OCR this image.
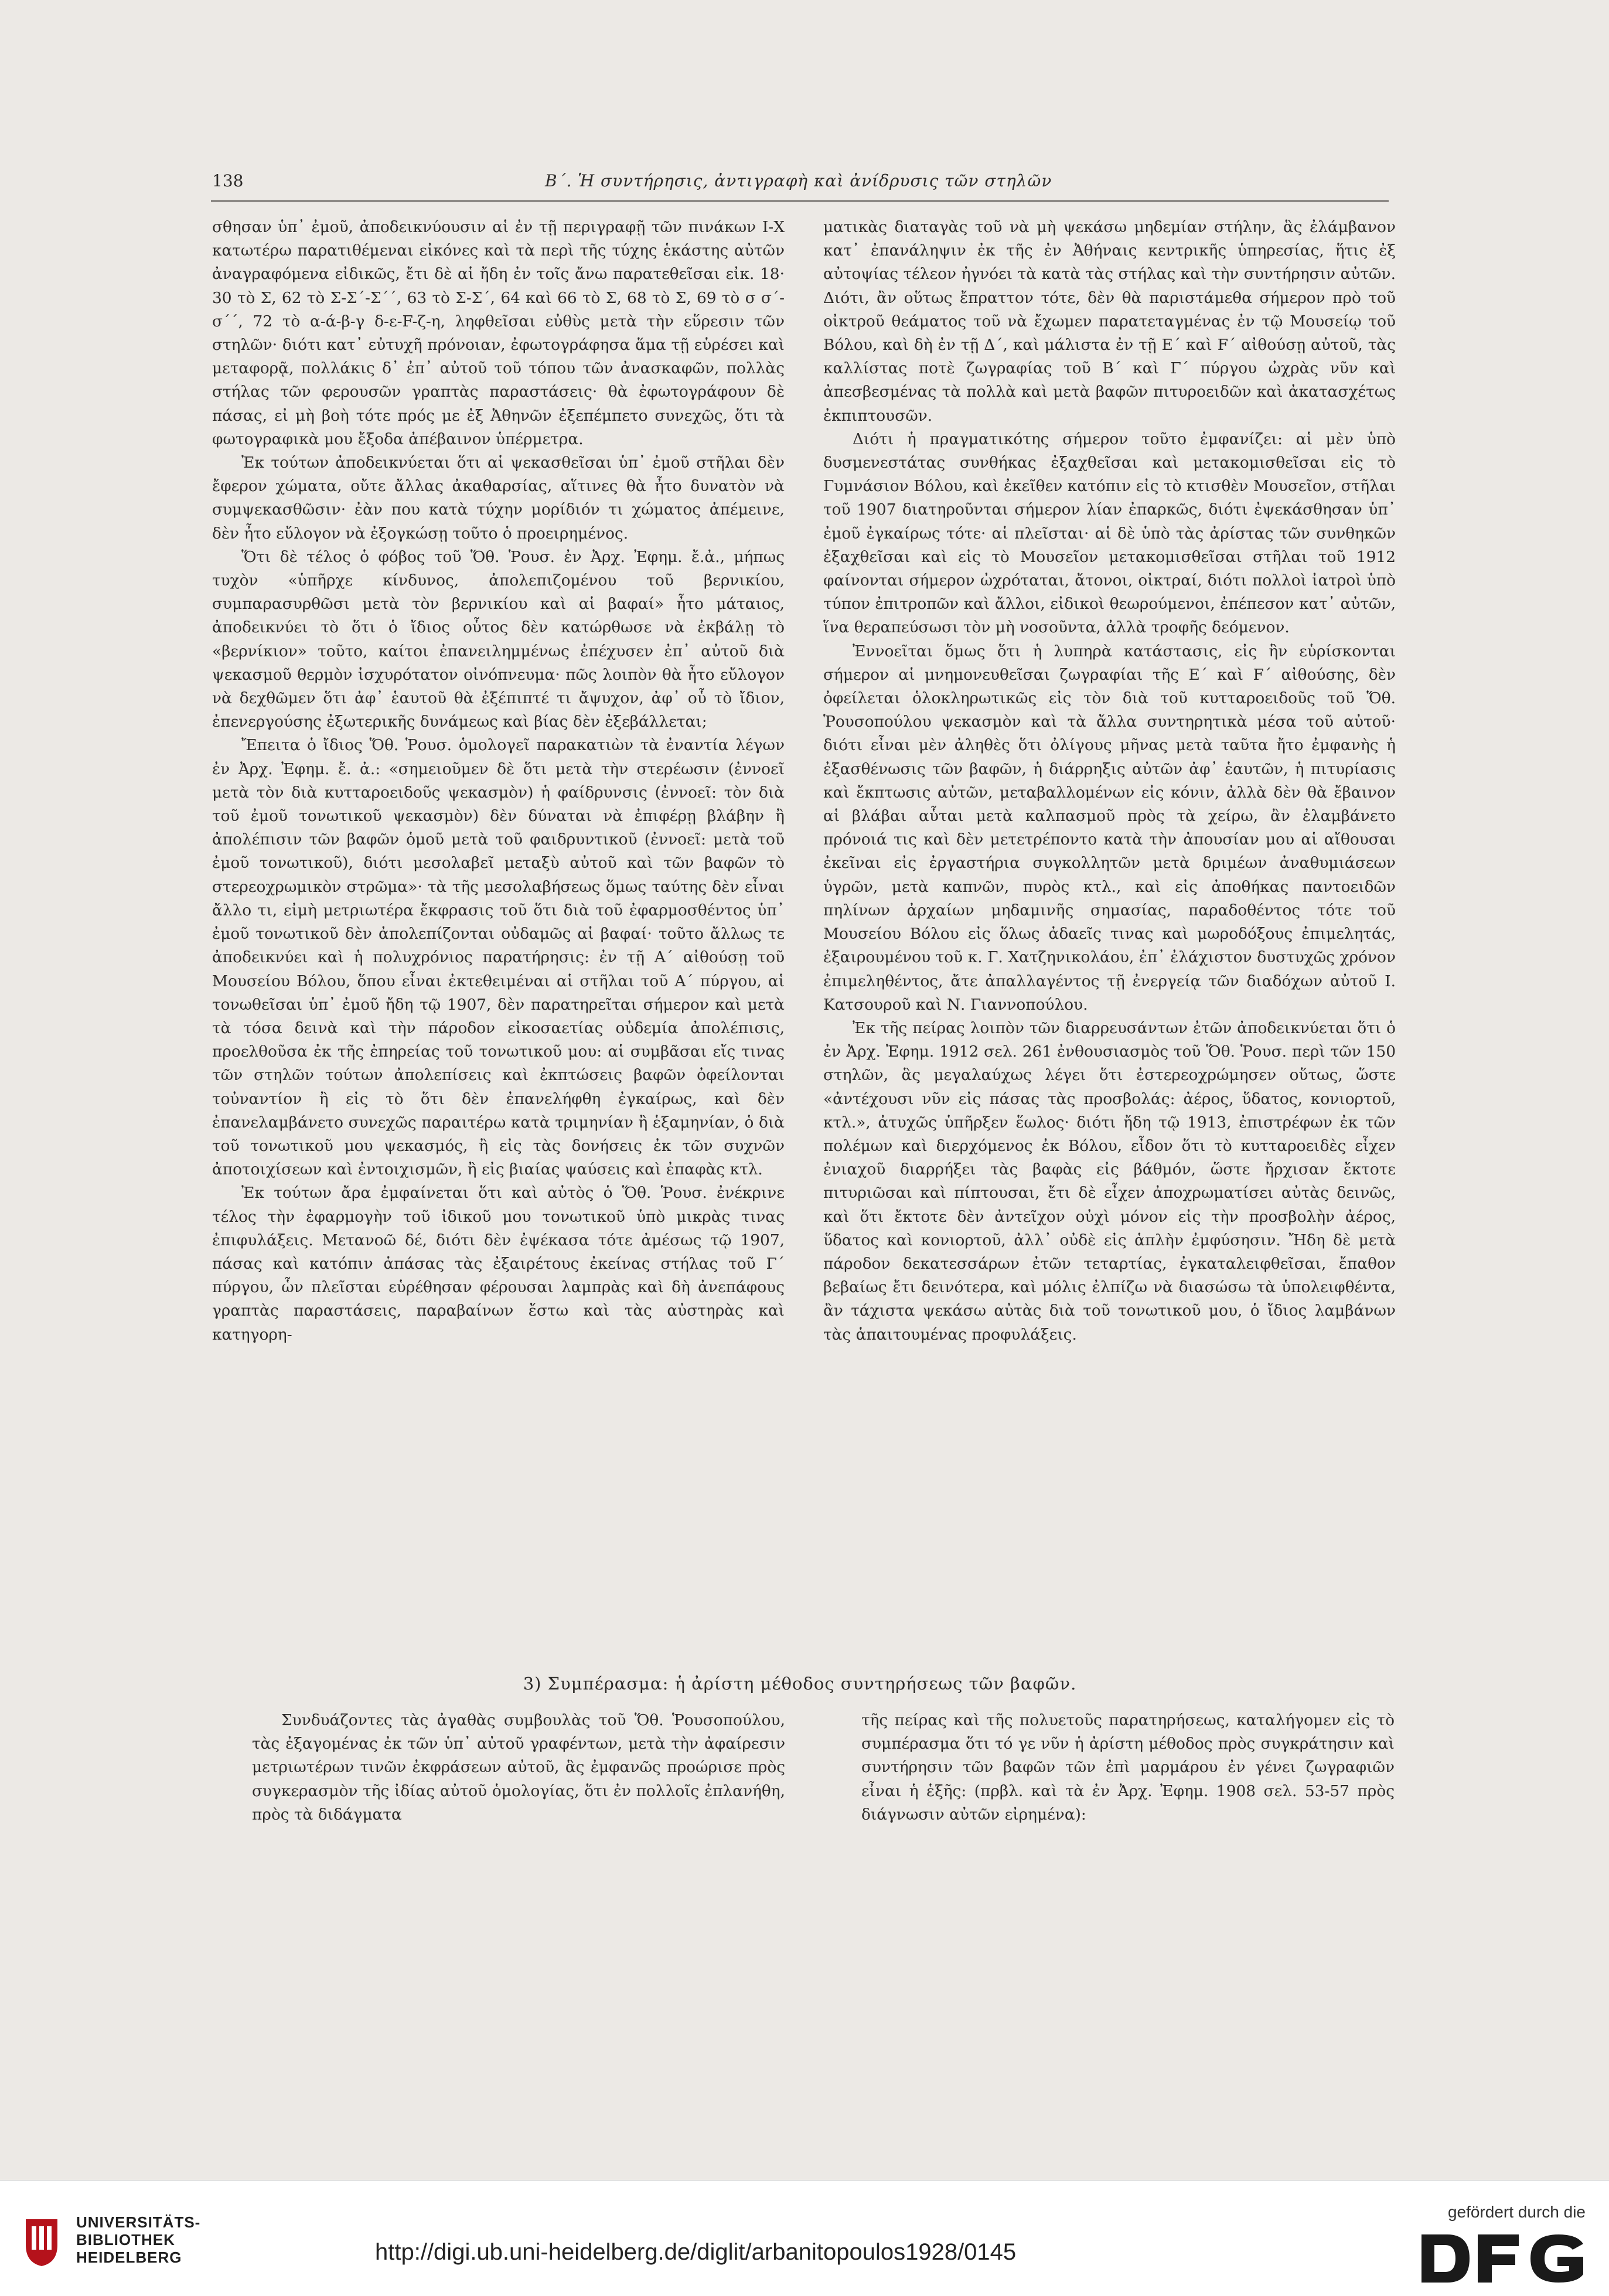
138	Β΄. Ἡ συντήρησις, ἀντιγραφὴ καὶ ἀνίδρυσις τῶν στηλῶν

σθησαν ὑπ᾽ ἐμοῦ, ἀποδεικνύουσιν αἱ ἐν τῇ περιγραφῇ τῶν πινάκων Ι-Χ κατωτέρω παρατιθέμεναι εἰκόνες καὶ τὰ περὶ τῆς τύχης ἑκάστης αὐτῶν ἀναγραφόμενα εἰδικῶς, ἔτι δὲ αἱ ἤδη ἐν τοῖς ἄνω παρατεθεῖσαι εἰκ. 18· 30 τὸ Σ, 62 τὸ Σ-Σ΄-Σ΄΄, 63 τὸ Σ-Σ΄, 64 καὶ 66 τὸ Σ, 68 τὸ Σ, 69 τὸ σ σ΄-σ΄΄, 72 τὸ α-ά-β-γ δ-ε-F-ζ-η, ληφθεῖσαι εὐθὺς μετὰ τὴν εὕρεσιν τῶν στηλῶν· διότι κατ᾽ εὐτυχῆ πρόνοιαν, ἐφωτογράφησα ἅμα τῇ εὑρέσει καὶ μεταφορᾷ, πολλάκις δ᾽ ἐπ᾽ αὐτοῦ τοῦ τόπου τῶν ἀνασκαφῶν, πολλὰς στήλας τῶν φερουσῶν γραπτὰς παραστάσεις· θὰ ἐφωτογράφουν δὲ πάσας, εἰ μὴ βοὴ τότε πρός με ἐξ Ἀθηνῶν ἐξεπέμπετο συνεχῶς, ὅτι τὰ φωτογραφικὰ μου ἔξοδα ἀπέβαινον ὑπέρμετρα.

Ἐκ τούτων ἀποδεικνύεται ὅτι αἱ ψεκασθεῖσαι ὑπ᾽ ἐμοῦ στῆλαι δὲν ἔφερον χώματα, οὔτε ἄλλας ἀκαθαρσίας, αἵτινες θὰ ἦτο δυνατὸν νὰ συμψεκασθῶσιν· ἐὰν που κατὰ τύχην μορίδιόν τι χώματος ἀπέμεινε, δὲν ἦτο εὔλογον νὰ ἐξογκώσῃ τοῦτο ὁ προειρημένος.

Ὅτι δὲ τέλος ὁ φόβος τοῦ Ὅθ. Ῥουσ. ἐν Ἀρχ. Ἐφημ. ἔ.ἀ., μήπως τυχὸν «ὑπῆρχε κίνδυνος, ἀπολεπιζομένου τοῦ βερνικίου, συμπαρασυρθῶσι μετὰ τὸν βερνικίου καὶ αἱ βαφαί» ἦτο μάταιος, ἀποδεικνύει τὸ ὅτι ὁ ἴδιος οὗτος δὲν κατώρθωσε νὰ ἐκβάλῃ τὸ «βερνίκιον» τοῦτο, καίτοι ἐπανειλημμένως ἐπέχυσεν ἐπ᾽ αὐτοῦ διὰ ψεκασμοῦ θερμὸν ἰσχυρότατον οἰνόπνευμα· πῶς λοιπὸν θὰ ἦτο εὔλογον νὰ δεχθῶμεν ὅτι ἀφ᾽ ἑαυτοῦ θὰ ἐξέπιπτέ τι ἄψυχον, ἀφ᾽ οὗ τὸ ἴδιον, ἐπενεργούσης ἐξωτερικῆς δυνάμεως καὶ βίας δὲν ἐξεβάλλεται;

Ἔπειτα ὁ ἴδιος Ὅθ. Ῥουσ. ὁμολογεῖ παρακατιὼν τὰ ἐναντία λέγων ἐν Ἀρχ. Ἐφημ. ἔ. ἀ.: «σημειοῦμεν δὲ ὅτι μετὰ τὴν στερέωσιν (ἐννοεῖ μετὰ τὸν διὰ κυτταροειδοῦς ψεκασμὸν) ἡ φαίδρυνσις (ἐννοεῖ: τὸν διὰ τοῦ ἐμοῦ τονωτικοῦ ψεκασμὸν) δὲν δύναται νὰ ἐπιφέρῃ βλάβην ἢ ἀπολέπισιν τῶν βαφῶν ὁμοῦ μετὰ τοῦ φαιδρυντικοῦ (ἐννοεῖ: μετὰ τοῦ ἐμοῦ τονωτικοῦ), διότι μεσολαβεῖ μεταξὺ αὐτοῦ καὶ τῶν βαφῶν τὸ στερεοχρωμικὸν στρῶμα»· τὰ τῆς μεσολαβήσεως ὅμως ταύτης δὲν εἶναι ἄλλο τι, εἰμὴ μετριωτέρα ἔκφρασις τοῦ ὅτι διὰ τοῦ ἐφαρμοσθέντος ὑπ᾽ ἐμοῦ τονωτικοῦ δὲν ἀπολεπίζονται οὐδαμῶς αἱ βαφαί· τοῦτο ἄλλως τε ἀποδεικνύει καὶ ἡ πολυχρόνιος παρατήρησις: ἐν τῇ Α΄ αἰθούσῃ τοῦ Μουσείου Βόλου, ὅπου εἶναι ἐκτεθειμέναι αἱ στῆλαι τοῦ Α΄ πύργου, αἱ τονωθεῖσαι ὑπ᾽ ἐμοῦ ἤδη τῷ 1907, δὲν παρατηρεῖται σήμερον καὶ μετὰ τὰ τόσα δεινὰ καὶ τὴν πάροδον εἰκοσαετίας οὐδεμία ἀπολέπισις, προελθοῦσα ἐκ τῆς ἐπηρείας τοῦ τονωτικοῦ μου: αἱ συμβᾶσαι εἴς τινας τῶν στηλῶν τούτων ἀπολεπίσεις καὶ ἐκπτώσεις βαφῶν ὀφείλονται τοὐναντίον ἢ εἰς τὸ ὅτι δὲν ἐπανελήφθη ἐγκαίρως, καὶ δὲν ἐπανελαμβάνετο συνεχῶς παραιτέρω κατὰ τριμηνίαν ἢ ἑξαμηνίαν, ὁ διὰ τοῦ τονωτικοῦ μου ψεκασμός, ἢ εἰς τὰς δονήσεις ἐκ τῶν συχνῶν ἀποτοιχίσεων καὶ ἐντοιχισμῶν, ἢ εἰς βιαίας ψαύσεις καὶ ἐπαφὰς κτλ.

Ἐκ τούτων ἄρα ἐμφαίνεται ὅτι καὶ αὐτὸς ὁ Ὅθ. Ῥουσ. ἐνέκρινε τέλος τὴν ἐφαρμογὴν τοῦ ἰδικοῦ μου τονωτικοῦ ὑπὸ μικρὰς τινας ἐπιφυλάξεις. Μετανοῶ δέ, διότι δὲν ἐψέκασα τότε ἀμέσως τῷ 1907, πάσας καὶ κατόπιν ἁπάσας τὰς ἐξαιρέτους ἐκείνας στήλας τοῦ Γ΄ πύργου, ὧν πλεῖσται εὑρέθησαν φέρουσαι λαμπρὰς καὶ δὴ ἀνεπάφους γραπτὰς παραστάσεις, παραβαίνων ἔστω καὶ τὰς αὐστηρὰς καὶ κατηγορη-

ματικὰς διαταγὰς τοῦ νὰ μὴ ψεκάσω μηδεμίαν στήλην, ἃς ἐλάμβανον κατ᾽ ἐπανάληψιν ἐκ τῆς ἐν Ἀθήναις κεντρικῆς ὑπηρεσίας, ἥτις ἐξ αὐτοψίας τέλεον ἠγνόει τὰ κατὰ τὰς στήλας καὶ τὴν συντήρησιν αὐτῶν. Διότι, ἂν οὕτως ἔπραττον τότε, δὲν θὰ παριστάμεθα σήμερον πρὸ τοῦ οἰκτροῦ θεάματος τοῦ νὰ ἔχωμεν παρατεταγμένας ἐν τῷ Μουσείῳ τοῦ Βόλου, καὶ δὴ ἐν τῇ Δ΄, καὶ μάλιστα ἐν τῇ Ε΄ καὶ F΄ αἰθούσῃ αὐτοῦ, τὰς καλλίστας ποτὲ ζωγραφίας τοῦ Β΄ καὶ Γ΄ πύργου ὠχρὰς νῦν καὶ ἀπεσβεσμένας τὰ πολλὰ καὶ μετὰ βαφῶν πιτυροειδῶν καὶ ἀκατασχέτως ἐκπιπτουσῶν.

Διότι ἡ πραγματικότης σήμερον τοῦτο ἐμφανίζει: αἱ μὲν ὑπὸ δυσμενεστάτας συνθήκας ἐξαχθεῖσαι καὶ μετακομισθεῖσαι εἰς τὸ Γυμνάσιον Βόλου, καὶ ἐκεῖθεν κατόπιν εἰς τὸ κτισθὲν Μουσεῖον, στῆλαι τοῦ 1907 διατηροῦνται σήμερον λίαν ἐπαρκῶς, διότι ἐψεκάσθησαν ὑπ᾽ ἐμοῦ ἐγκαίρως τότε· αἱ πλεῖσται· αἱ δὲ ὑπὸ τὰς ἀρίστας τῶν συνθηκῶν ἐξαχθεῖσαι καὶ εἰς τὸ Μουσεῖον μετακομισθεῖσαι στῆλαι τοῦ 1912 φαίνονται σήμερον ὠχρόταται, ἄτονοι, οἰκτραί, διότι πολλοὶ ἰατροὶ ὑπὸ τύπον ἐπιτροπῶν καὶ ἄλλοι, εἰδικοὶ θεωρούμενοι, ἐπέπεσον κατ᾽ αὐτῶν, ἵνα θεραπεύσωσι τὸν μὴ νοσοῦντα, ἀλλὰ τροφῆς δεόμενον.

Ἐννοεῖται ὅμως ὅτι ἡ λυπηρὰ κατάστασις, εἰς ἣν εὑρίσκονται σήμερον αἱ μνημονευθεῖσαι ζωγραφίαι τῆς Ε΄ καὶ F΄ αἰθούσης, δὲν ὀφείλεται ὁλοκληρωτικῶς εἰς τὸν διὰ τοῦ κυτταροειδοῦς τοῦ Ὅθ. Ῥουσοπούλου ψεκασμὸν καὶ τὰ ἄλλα συντηρητικὰ μέσα τοῦ αὐτοῦ· διότι εἶναι μὲν ἀληθὲς ὅτι ὀλίγους μῆνας μετὰ ταῦτα ἤτο ἐμφανὴς ἡ ἐξασθένωσις τῶν βαφῶν, ἡ διάρρηξις αὐτῶν ἀφ᾽ ἑαυτῶν, ἡ πιτυρίασις καὶ ἔκπτωσις αὐτῶν, μεταβαλλομένων εἰς κόνιν, ἀλλὰ δὲν θὰ ἔβαινον αἱ βλάβαι αὗται μετὰ καλπασμοῦ πρὸς τὰ χείρω, ἂν ἐλαμβάνετο πρόνοιά τις καὶ δὲν μετετρέποντο κατὰ τὴν ἀπουσίαν μου αἱ αἴθουσαι ἐκεῖναι εἰς ἐργαστήρια συγκολλητῶν μετὰ δριμέων ἀναθυμιάσεων ὑγρῶν, μετὰ καπνῶν, πυρὸς κτλ., καὶ εἰς ἀποθήκας παντοειδῶν πηλίνων ἀρχαίων μηδαμινῆς σημασίας, παραδοθέντος τότε τοῦ Μουσείου Βόλου εἰς ὅλως ἀδαεῖς τινας καὶ μωροδόξους ἐπιμελητάς, ἐξαιρουμένου τοῦ κ. Γ. Χατζηνικολάου, ἐπ᾽ ἐλάχιστον δυστυχῶς χρόνον ἐπιμεληθέντος, ἄτε ἀπαλλαγέντος τῇ ἐνεργείᾳ τῶν διαδόχων αὐτοῦ Ι. Κατσουροῦ καὶ Ν. Γιαννοπούλου.

Ἐκ τῆς πείρας λοιπὸν τῶν διαρρευσάντων ἐτῶν ἀποδεικνύεται ὅτι ὁ ἐν Ἀρχ. Ἐφημ. 1912 σελ. 261 ἐνθουσιασμὸς τοῦ Ὅθ. Ῥουσ. περὶ τῶν 150 στηλῶν, ἃς μεγαλαύχως λέγει ὅτι ἐστερεοχρώμησεν οὕτως, ὥστε «ἀντέχουσι νῦν εἰς πάσας τὰς προσβολάς: ἀέρος, ὕδατος, κονιορτοῦ, κτλ.», ἀτυχῶς ὑπῆρξεν ἕωλος· διότι ἤδη τῷ 1913, ἐπιστρέφων ἐκ τῶν πολέμων καὶ διερχόμενος ἐκ Βόλου, εἶδον ὅτι τὸ κυτταροειδὲς εἶχεν ἐνιαχοῦ διαρρήξει τὰς βαφὰς εἰς βάθμόν, ὥστε ἤρχισαν ἔκτοτε πιτυριῶσαι καὶ πίπτουσαι, ἔτι δὲ εἶχεν ἀποχρωματίσει αὐτὰς δεινῶς, καὶ ὅτι ἔκτοτε δὲν ἀντεῖχον οὐχὶ μόνον εἰς τὴν προσβολὴν ἀέρος, ὕδατος καὶ κονιορτοῦ, ἀλλ᾽ οὐδὲ εἰς ἁπλὴν ἐμφύσησιν. Ἤδη δὲ μετὰ πάροδον δεκατεσσάρων ἐτῶν τεταρτίας, ἐγκαταλειφθεῖσαι, ἔπαθον βεβαίως ἔτι δεινότερα, καὶ μόλις ἐλπίζω νὰ διασώσω τὰ ὑπολειφθέντα, ἂν τάχιστα ψεκάσω αὐτὰς διὰ τοῦ τονωτικοῦ μου, ὁ ἴδιος λαμβάνων τὰς ἁπαιτουμένας προφυλάξεις.

3) Συμπέρασμα: ἡ ἀρίστη μέθοδος συντηρήσεως τῶν βαφῶν.

Συνδυάζοντες τὰς ἀγαθὰς συμβουλὰς τοῦ Ὅθ. Ῥουσοπούλου, τὰς ἐξαγομένας ἐκ τῶν ὑπ᾽ αὐτοῦ γραφέντων, μετὰ τὴν ἀφαίρεσιν μετριωτέρων τινῶν ἐκφράσεων αὐτοῦ, ἃς ἐμφανῶς προώρισε πρὸς συγκερασμὸν τῆς ἰδίας αὐτοῦ ὁμολογίας, ὅτι ἐν πολλοῖς ἐπλανήθη, πρὸς τὰ διδάγματα

τῆς πείρας καὶ τῆς πολυετοῦς παρατηρήσεως, καταλήγομεν εἰς τὸ συμπέρασμα ὅτι τό γε νῦν ἡ ἀρίστη μέθοδος πρὸς συγκράτησιν καὶ συντήρησιν τῶν βαφῶν τῶν ἐπὶ μαρμάρου ἐν γένει ζωγραφιῶν εἶναι ἡ ἑξῆς: (πρβλ. καὶ τὰ ἐν Ἀρχ. Ἐφημ. 1908 σελ. 53-57 πρὸς διάγνωσιν αὐτῶν εἰρημένα):

UNIVERSITÄTS-
BIBLIOTHEK
HEIDELBERG	http://digi.ub.uni-heidelberg.de/diglit/arbanitopoulos1928/0145
gefördert durch die
